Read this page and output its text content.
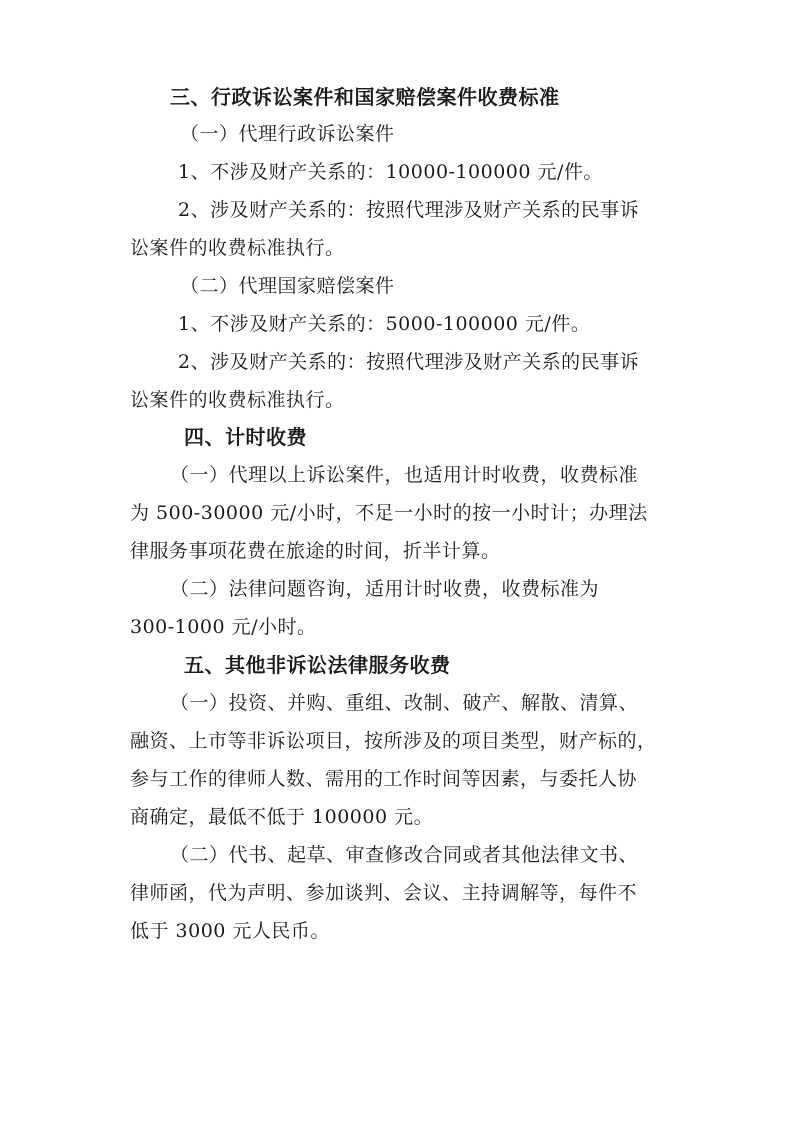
三、行政诉讼案件和国家赔偿案件收费标准
（一）代理行政诉讼案件
1、不涉及财产关系的：10000-100000 元/件。
2、涉及财产关系的：按照代理涉及财产关系的民事诉
讼案件的收费标准执行。
（二）代理国家赔偿案件
1、不涉及财产关系的：5000-100000 元/件。
2、涉及财产关系的：按照代理涉及财产关系的民事诉
讼案件的收费标准执行。
四、计时收费
（一）代理以上诉讼案件，也适用计时收费，收费标准
为 500-30000 元/小时，不足一小时的按一小时计；办理法
律服务事项花费在旅途的时间，折半计算。
（二）法律问题咨询，适用计时收费，收费标准为
300-1000 元/小时。
五、其他非诉讼法律服务收费
（一）投资、并购、重组、改制、破产、解散、清算、
融资、上市等非诉讼项目，按所涉及的项目类型，财产标的，
参与工作的律师人数、需用的工作时间等因素，与委托人协
商确定，最低不低于 100000 元。
（二）代书、起草、审查修改合同或者其他法律文书、
律师函，代为声明、参加谈判、会议、主持调解等，每件不
低于 3000 元人民币。
